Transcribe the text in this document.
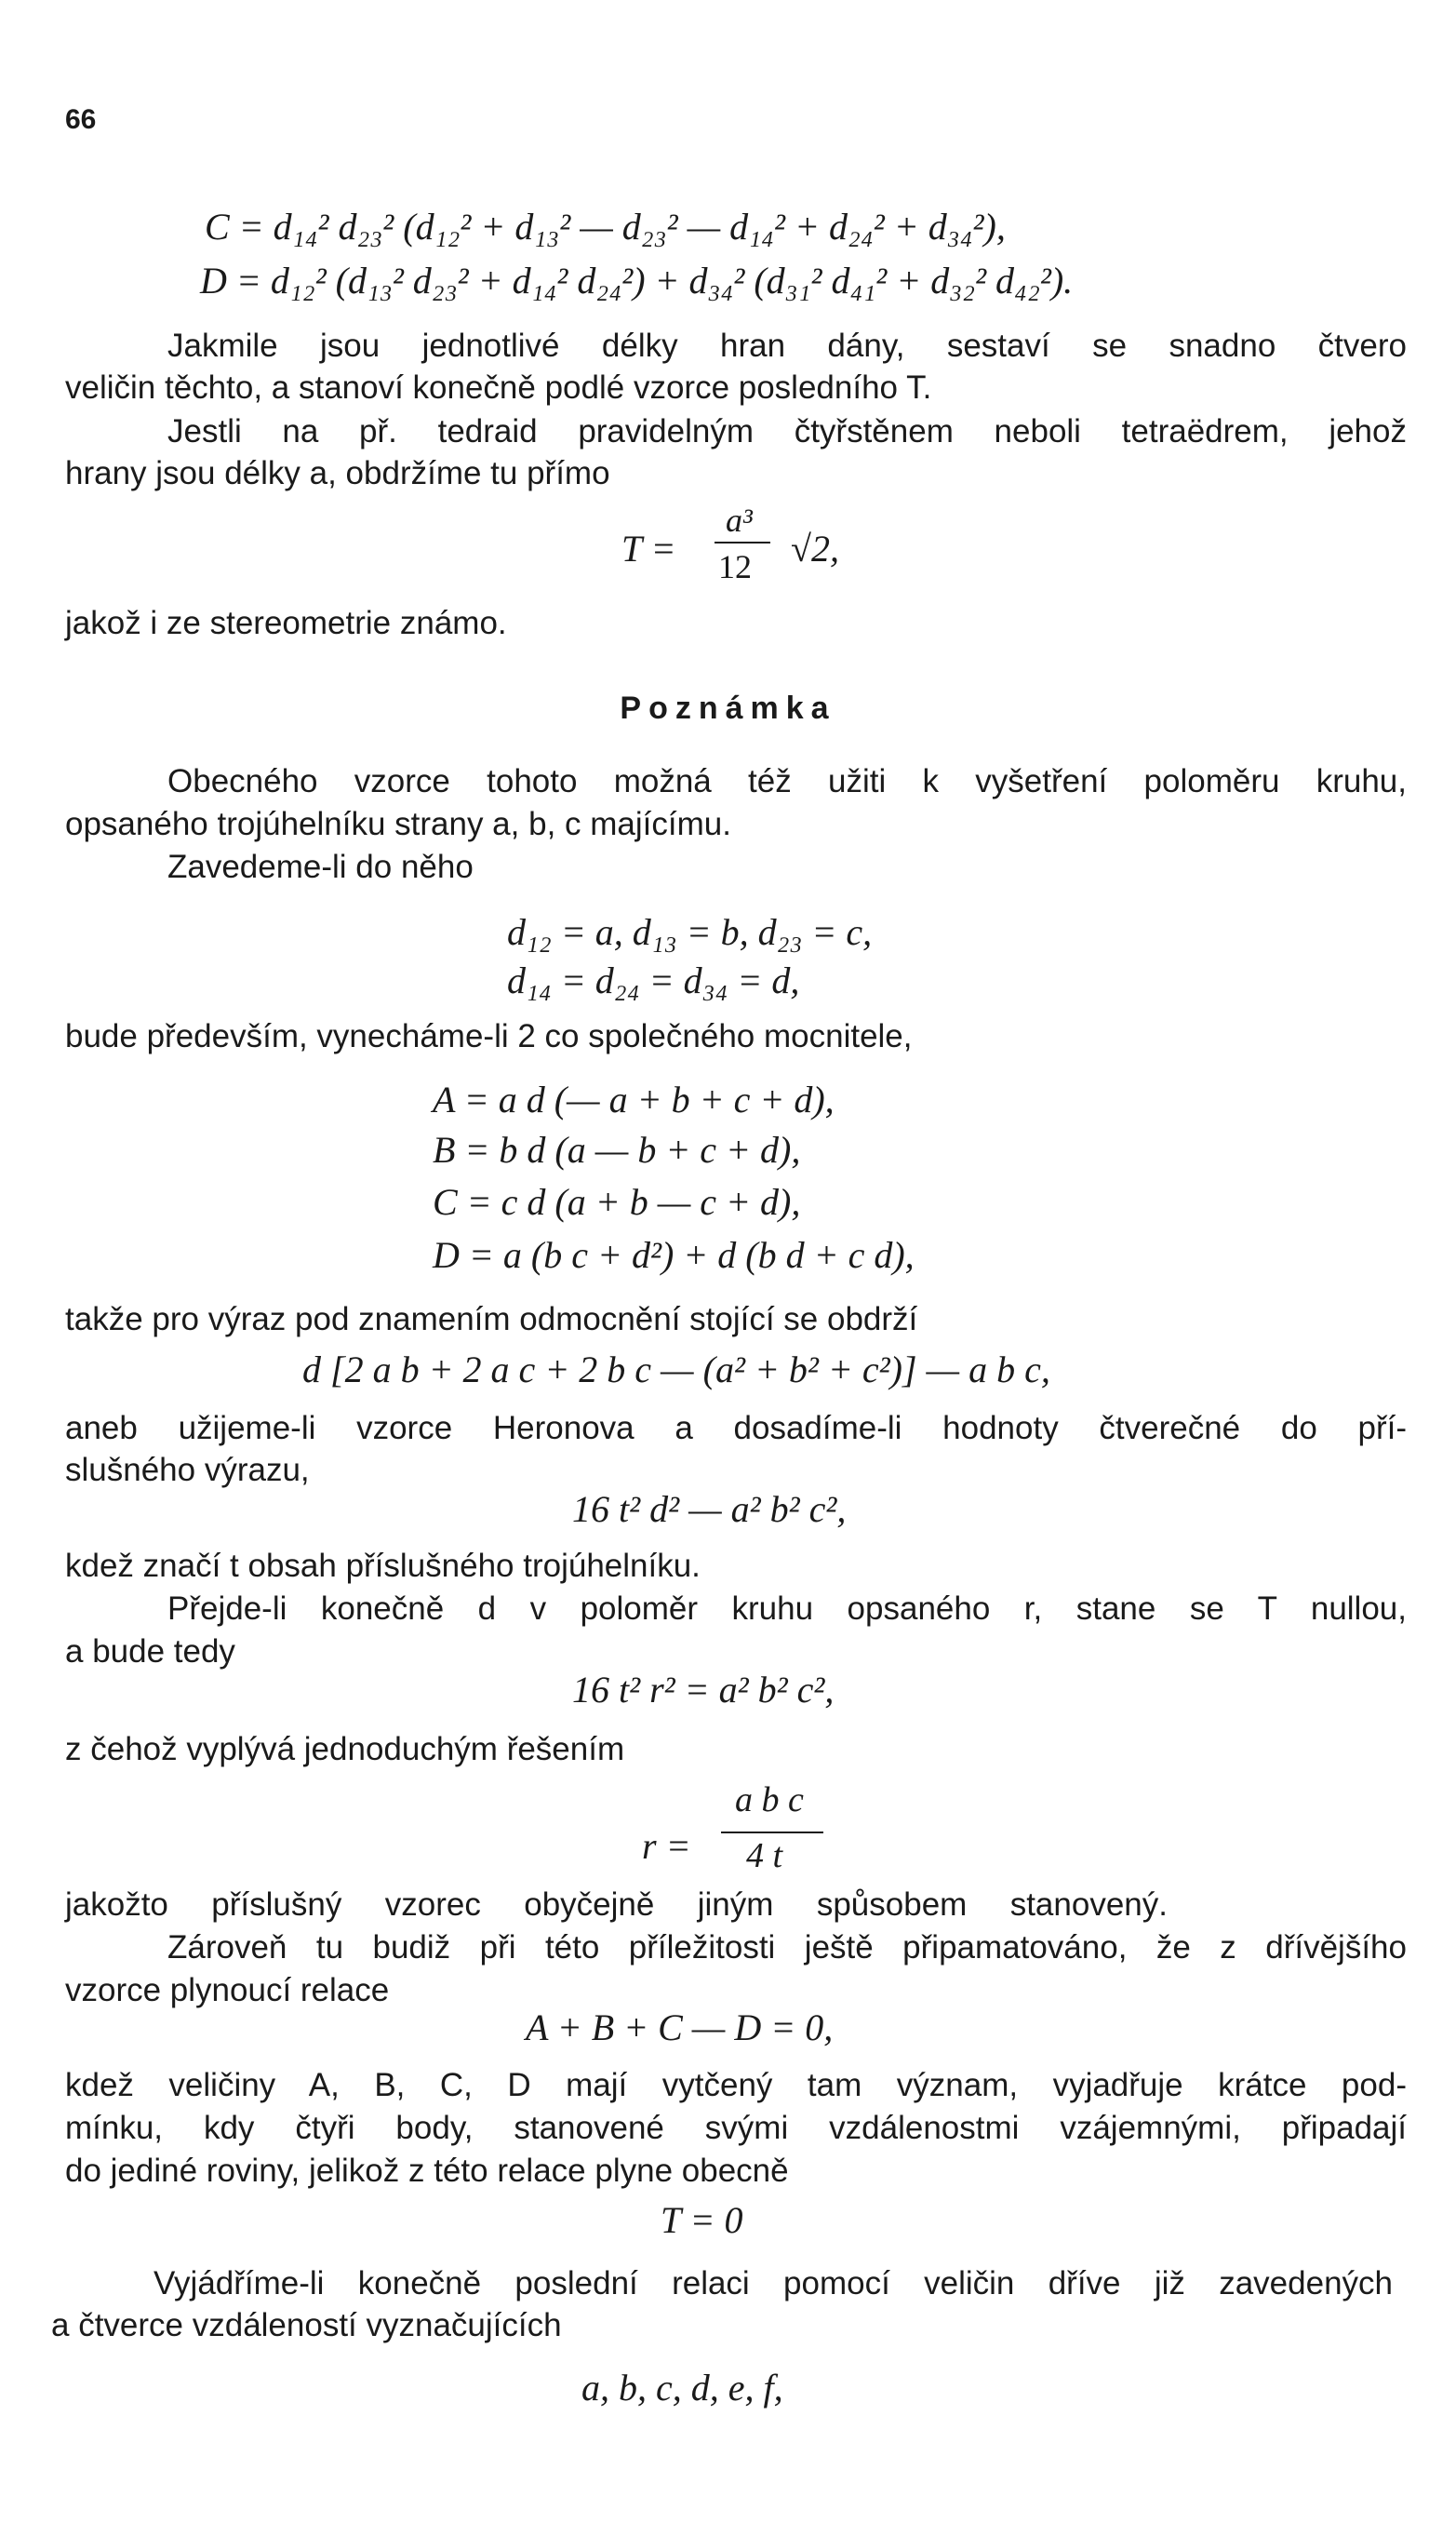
66
C = d₁₄² d₂₃² (d₁₂² + d₁₃² — d₂₃² — d₁₄² + d₂₄² + d₃₄²),
D = d₁₂² (d₁₃² d₂₃² + d₁₄² d₂₄²) + d₃₄² (d₃₁² d₄₁² + d₃₂² d₄₂²).
Jakmile jsou jednotlivé délky hran dány, sestaví se snadno čtvero
veličin těchto, a stanoví konečně podlé vzorce posledního T.
Jestli na př. tedraid pravidelným čtyřstěnem neboli tetraëdrem, jehož
hrany jsou délky a, obdržíme tu přímo
T =
a³
12 √2,
jakož i ze stereometrie známo.
Poznámka
Obecného vzorce tohoto možná též užiti k vyšetření poloměru kruhu,
opsaného trojúhelníku strany a, b, c majícímu.
Zavedeme-li do něho
d₁₂ = a, d₁₃ = b, d₂₃ = c,
d₁₄ = d₂₄ = d₃₄ = d,
bude především, vynecháme-li 2 co společného mocnitele,
A = a d (— a + b + c + d),
B = b d (a — b + c + d),
C = c d (a + b — c + d),
D = a (b c + d²) + d (b d + c d),
takže pro výraz pod znamením odmocnění stojící se obdrží
d [2 a b + 2 a c + 2 b c — (a² + b² + c²)] — a b c,
aneb užijeme-li vzorce Heronova a dosadíme-li hodnoty čtverečné do pří-
slušného výrazu,
16 t² d² — a² b² c²,
kdež značí t obsah příslušného trojúhelníku.
Přejde-li konečně d v poloměr kruhu opsaného r, stane se T nullou,
a bude tedy
16 t² r² = a² b² c²,
z čehož vyplývá jednoduchým řešením
r =
a b c
4 t
jakožto příslušný vzorec obyčejně jiným spůsobem stanovený.
Zároveň tu budiž při této příležitosti ještě připamatováno, že z dřívějšího
vzorce plynoucí relace
A + B + C — D = 0,
kdež veličiny A, B, C, D mají vytčený tam význam, vyjadřuje krátce pod-
mínku, kdy čtyři body, stanovené svými vzdálenostmi vzájemnými, připadají
do jediné roviny, jelikož z této relace plyne obecně
T = 0
Vyjádříme-li konečně poslední relaci pomocí veličin dříve již zavedených
a čtverce vzdáleností vyznačujících
a, b, c, d, e, f,
